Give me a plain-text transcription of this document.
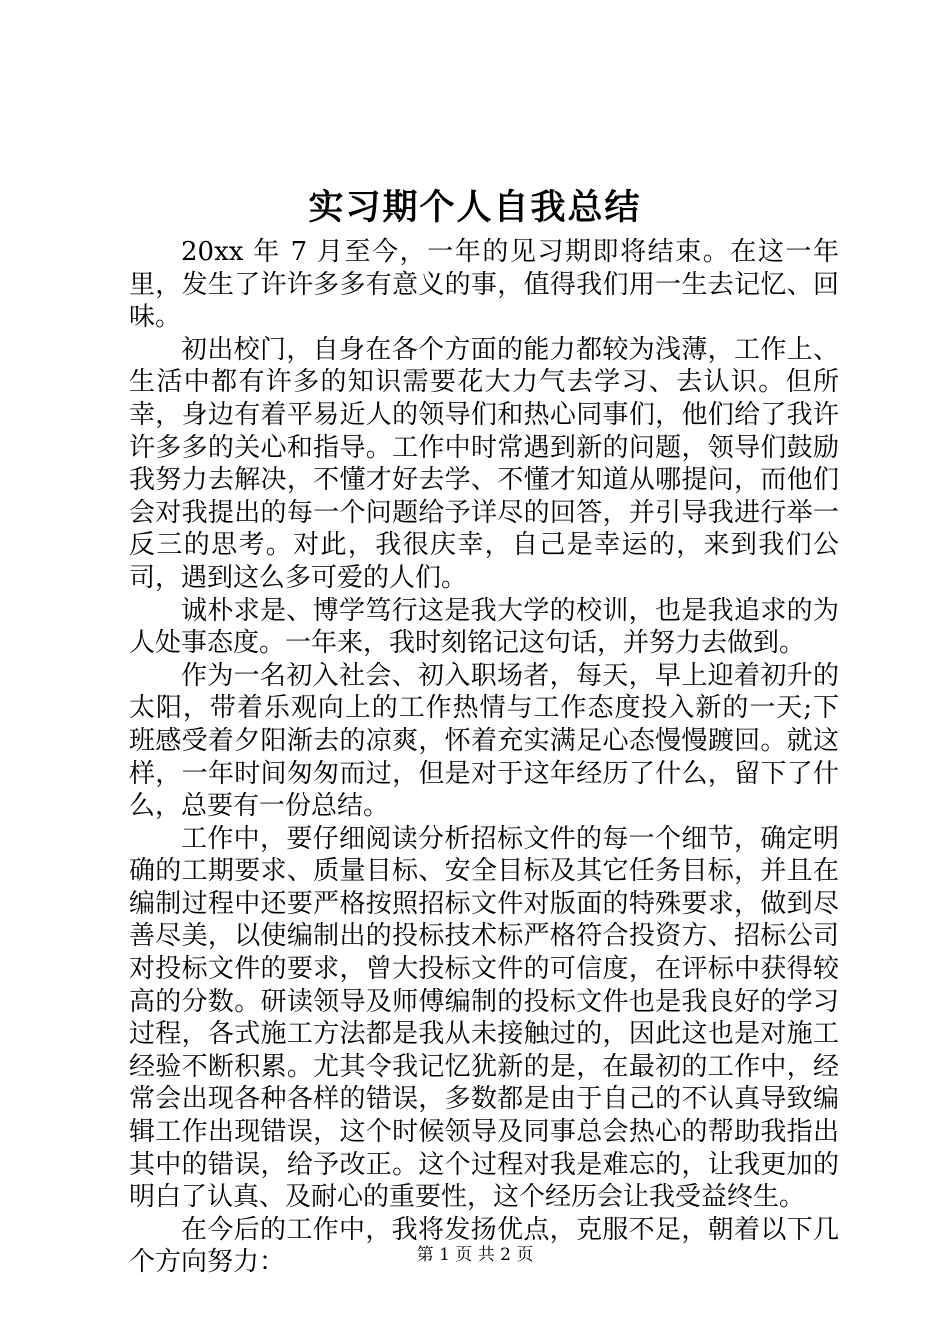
实习期个人自我总结

20xx 年 7 月至今，一年的见习期即将结束。在这一年里，发生了许许多多有意义的事，值得我们用一生去记忆、回味。

初出校门，自身在各个方面的能力都较为浅薄，工作上、生活中都有许多的知识需要花大力气去学习、去认识。但所幸，身边有着平易近人的领导们和热心同事们，他们给了我许许多多的关心和指导。工作中时常遇到新的问题，领导们鼓励我努力去解决，不懂才好去学、不懂才知道从哪提问，而他们会对我提出的每一个问题给予详尽的回答，并引导我进行举一反三的思考。对此，我很庆幸，自己是幸运的，来到我们公司，遇到这么多可爱的人们。

诚朴求是、博学笃行这是我大学的校训，也是我追求的为人处事态度。一年来，我时刻铭记这句话，并努力去做到。

作为一名初入社会、初入职场者，每天，早上迎着初升的太阳，带着乐观向上的工作热情与工作态度投入新的一天;下班感受着夕阳渐去的凉爽，怀着充实满足心态慢慢踱回。就这样，一年时间匆匆而过，但是对于这年经历了什么，留下了什么，总要有一份总结。

工作中，要仔细阅读分析招标文件的每一个细节，确定明确的工期要求、质量目标、安全目标及其它任务目标，并且在编制过程中还要严格按照招标文件对版面的特殊要求，做到尽善尽美，以使编制出的投标技术标严格符合投资方、招标公司对投标文件的要求，曾大投标文件的可信度，在评标中获得较高的分数。研读领导及师傅编制的投标文件也是我良好的学习过程，各式施工方法都是我从未接触过的，因此这也是对施工经验不断积累。尤其令我记忆犹新的是，在最初的工作中，经常会出现各种各样的错误，多数都是由于自己的不认真导致编辑工作出现错误，这个时候领导及同事总会热心的帮助我指出其中的错误，给予改正。这个过程对我是难忘的，让我更加的明白了认真、及耐心的重要性，这个经历会让我受益终生。

在今后的工作中，我将发扬优点，克服不足，朝着以下几个方向努力：	第 1 页 共 2 页
